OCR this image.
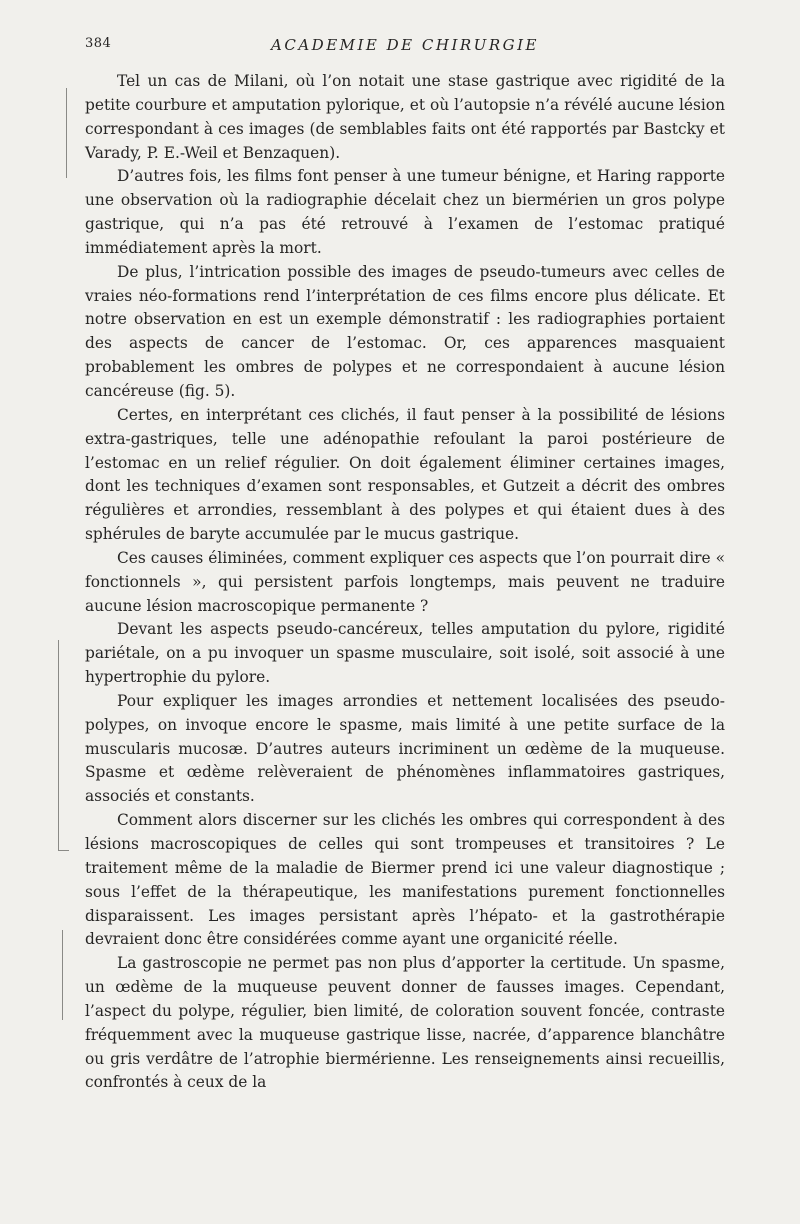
384	ACADEMIE DE CHIRURGIE

Tel un cas de Milani, où l’on notait une stase gastrique avec rigidité de la petite courbure et amputation pylorique, et où l’autopsie n’a révélé aucune lésion correspondant à ces images (de semblables faits ont été rapportés par Bastcky et Varady, P. E.-Weil et Benzaquen).

D’autres fois, les films font penser à une tumeur bénigne, et Haring rapporte une observation où la radiographie décelait chez un biermérien un gros polype gastrique, qui n’a pas été retrouvé à l’examen de l’estomac pratiqué immédiatement après la mort.

De plus, l’intrication possible des images de pseudo-tumeurs avec celles de vraies néo-formations rend l’interprétation de ces films encore plus délicate. Et notre observation en est un exemple démonstratif : les radiographies portaient des aspects de cancer de l’estomac. Or, ces apparences masquaient probablement les ombres de polypes et ne correspondaient à aucune lésion cancéreuse (fig. 5).

Certes, en interprétant ces clichés, il faut penser à la possibilité de lésions extra-gastriques, telle une adénopathie refoulant la paroi postérieure de l’estomac en un relief régulier. On doit également éliminer certaines images, dont les techniques d’examen sont responsables, et Gutzeit a décrit des ombres régulières et arrondies, ressemblant à des polypes et qui étaient dues à des sphérules de baryte accumulée par le mucus gastrique.

Ces causes éliminées, comment expliquer ces aspects que l’on pourrait dire « fonctionnels », qui persistent parfois longtemps, mais peuvent ne traduire aucune lésion macroscopique permanente ?

Devant les aspects pseudo-cancéreux, telles amputation du pylore, rigidité pariétale, on a pu invoquer un spasme musculaire, soit isolé, soit associé à une hypertrophie du pylore.

Pour expliquer les images arrondies et nettement localisées des pseudo-polypes, on invoque encore le spasme, mais limité à une petite surface de la muscularis mucosæ. D’autres auteurs incriminent un œdème de la muqueuse. Spasme et œdème relèveraient de phénomènes inflammatoires gastriques, associés et constants.

Comment alors discerner sur les clichés les ombres qui correspondent à des lésions macroscopiques de celles qui sont trompeuses et transitoires ? Le traitement même de la maladie de Biermer prend ici une valeur diagnostique ; sous l’effet de la thérapeutique, les manifestations purement fonctionnelles disparaissent. Les images persistant après l’hépato- et la gastrothérapie devraient donc être considérées comme ayant une organicité réelle.

La gastroscopie ne permet pas non plus d’apporter la certitude. Un spasme, un œdème de la muqueuse peuvent donner de fausses images. Cependant, l’aspect du polype, régulier, bien limité, de coloration souvent foncée, contraste fréquemment avec la muqueuse gastrique lisse, nacrée, d’apparence blanchâtre ou gris verdâtre de l’atrophie biermérienne. Les renseignements ainsi recueillis, confrontés à ceux de la
